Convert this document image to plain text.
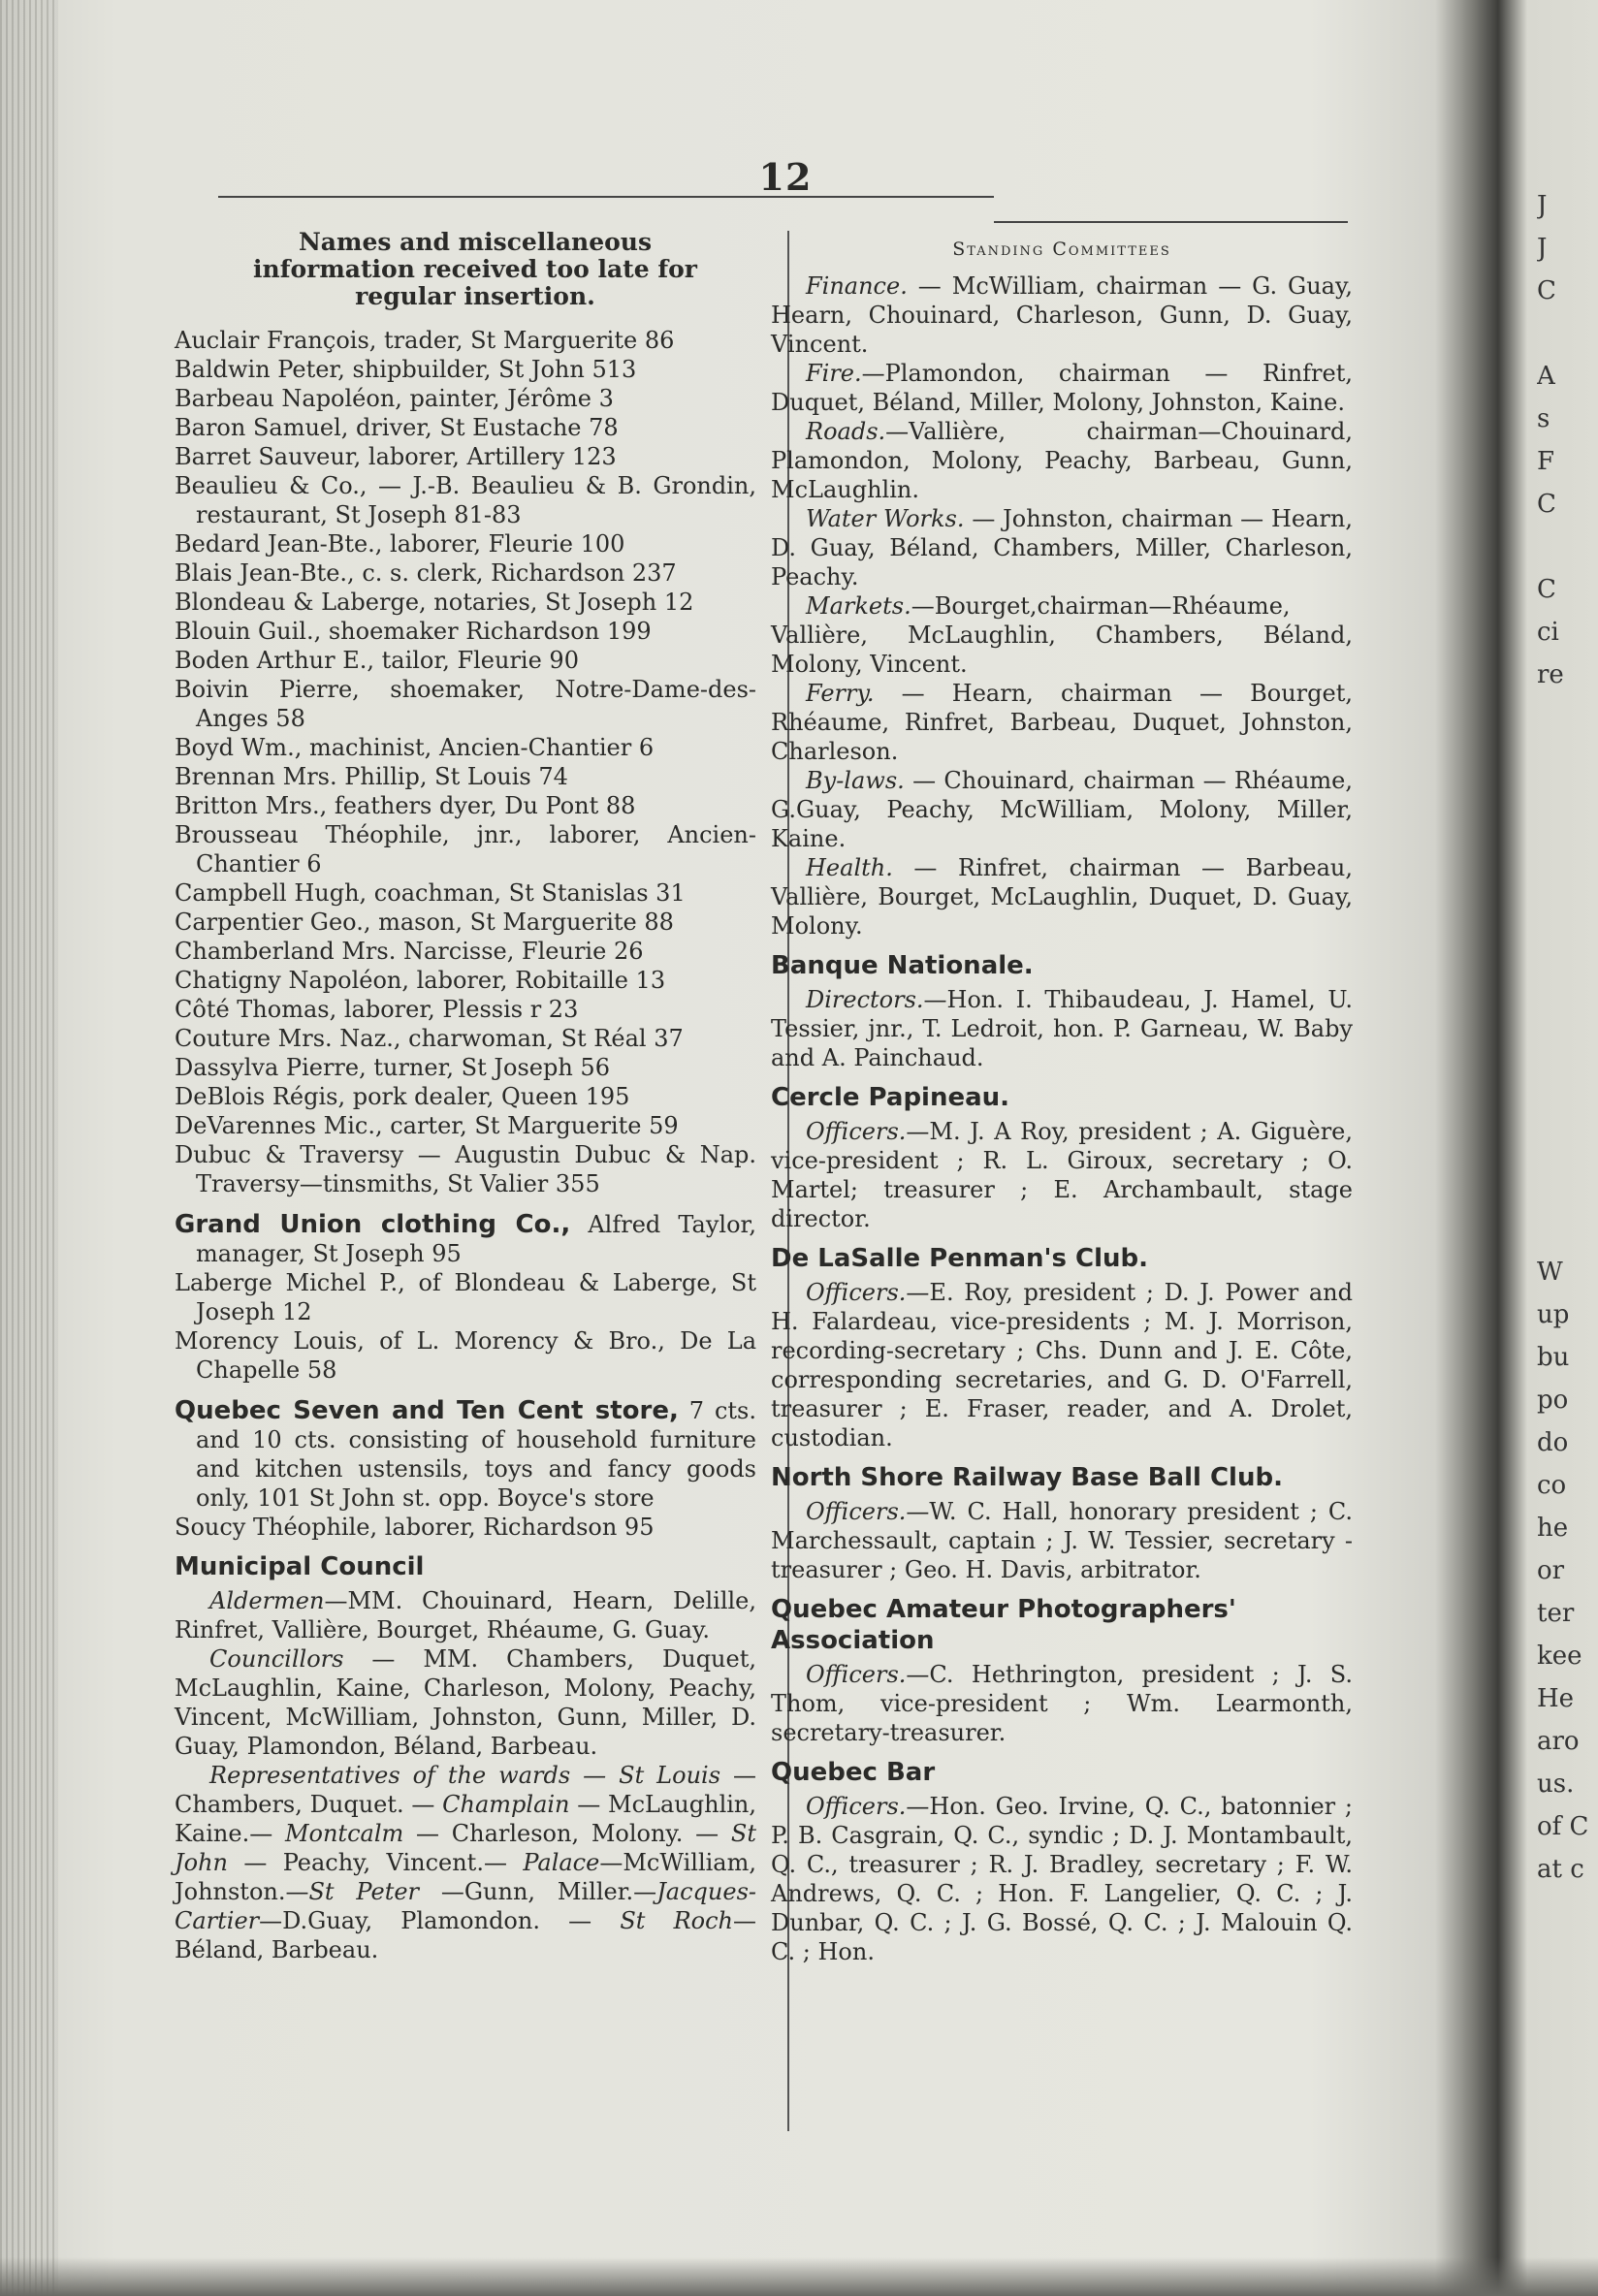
12
Names and miscellaneous information received too late for regular insertion.

Auclair François, trader, St Marguerite 86

Baldwin Peter, shipbuilder, St John 513

Barbeau Napoléon, painter, Jérôme 3

Baron Samuel, driver, St Eustache 78

Barret Sauveur, laborer, Artillery 123

Beaulieu & Co., — J.-B. Beaulieu & B. Grondin, restaurant, St Joseph 81-83

Bedard Jean-Bte., laborer, Fleurie 100

Blais Jean-Bte., c. s. clerk, Richardson 237

Blondeau & Laberge, notaries, St Joseph 12

Blouin Guil., shoemaker Richardson 199

Boden Arthur E., tailor, Fleurie 90

Boivin Pierre, shoemaker, Notre-Dame-des-Anges 58

Boyd Wm., machinist, Ancien-Chantier 6

Brennan Mrs. Phillip, St Louis 74

Britton Mrs., feathers dyer, Du Pont 88

Brousseau Théophile, jnr., laborer, Ancien-Chantier 6

Campbell Hugh, coachman, St Stanislas 31

Carpentier Geo., mason, St Marguerite 88

Chamberland Mrs. Narcisse, Fleurie 26

Chatigny Napoléon, laborer, Robitaille 13

Côté Thomas, laborer, Plessis r 23

Couture Mrs. Naz., charwoman, St Réal 37

Dassylva Pierre, turner, St Joseph 56

DeBlois Régis, pork dealer, Queen 195

DeVarennes Mic., carter, St Marguerite 59

Dubuc & Traversy — Augustin Dubuc & Nap. Traversy—tinsmiths, St Valier 355

Grand Union clothing Co., Alfred Taylor, manager, St Joseph 95

Laberge Michel P., of Blondeau & Laberge, St Joseph 12

Morency Louis, of L. Morency & Bro., De La Chapelle 58

Quebec Seven and Ten Cent store, 7 cts. and 10 cts. consisting of household furniture and kitchen ustensils, toys and fancy goods only, 101 St John st. opp. Boyce's store

Soucy Théophile, laborer, Richardson 95

Municipal Council

Aldermen—MM. Chouinard, Hearn, Delille, Rinfret, Vallière, Bourget, Rhéaume, G. Guay.

Councillors — MM. Chambers, Duquet, McLaughlin, Kaine, Charleson, Molony, Peachy, Vincent, McWilliam, Johnston, Gunn, Miller, D. Guay, Plamondon, Béland, Barbeau.

Representatives of the wards — St Louis —Chambers, Duquet. — Champlain — McLaughlin, Kaine.— Montcalm — Charleson, Molony. — St John — Peachy, Vincent.— Palace—McWilliam, Johnston.—St Peter —Gunn, Miller.—Jacques-Cartier—D.Guay, Plamondon. — St Roch—Béland, Barbeau.

Standing Committees

Finance. — McWilliam, chairman — G. Guay, Hearn, Chouinard, Charleson, Gunn, D. Guay, Vincent.

Fire.—Plamondon, chairman — Rinfret, Duquet, Béland, Miller, Molony, Johnston, Kaine.

Roads.—Vallière, chairman—Chouinard, Plamondon, Molony, Peachy, Barbeau, Gunn, McLaughlin.

Water Works. — Johnston, chairman — Hearn, D. Guay, Béland, Chambers, Miller, Charleson, Peachy.

Markets.—Bourget,chairman—Rhéaume, Vallière, McLaughlin, Chambers, Béland, Molony, Vincent.

Ferry. — Hearn, chairman — Bourget, Rhéaume, Rinfret, Barbeau, Duquet, Johnston, Charleson.

By-laws. — Chouinard, chairman — Rhéaume, G.Guay, Peachy, McWilliam, Molony, Miller, Kaine.

Health. — Rinfret, chairman — Barbeau, Vallière, Bourget, McLaughlin, Duquet, D. Guay, Molony.

Banque Nationale.

Directors.—Hon. I. Thibaudeau, J. Hamel, U. Tessier, jnr., T. Ledroit, hon. P. Garneau, W. Baby and A. Painchaud.

Cercle Papineau.

Officers.—M. J. A Roy, president ; A. Giguère, vice-president ; R. L. Giroux, secretary ; O. Martel; treasurer ; E. Archambault, stage director.

De LaSalle Penman's Club.

Officers.—E. Roy, president ; D. J. Power and H. Falardeau, vice-presidents ; M. J. Morrison, recording-secretary ; Chs. Dunn and J. E. Côte, corresponding secretaries, and G. D. O'Farrell, treasurer ; E. Fraser, reader, and A. Drolet, custodian.

North Shore Railway Base Ball Club.

Officers.—W. C. Hall, honorary president ; C. Marchessault, captain ; J. W. Tessier, secretary - treasurer ; Geo. H. Davis, arbitrator.

Quebec Amateur Photographers' Association

Officers.—C. Hethrington, president ; J. S. Thom, vice-president ; Wm. Learmonth, secretary-treasurer.

Quebec Bar

Officers.—Hon. Geo. Irvine, Q. C., batonnier ; P. B. Casgrain, Q. C., syndic ; D. J. Montambault, Q. C., treasurer ; R. J. Bradley, secretary ; F. W. Andrews, Q. C. ; Hon. F. Langelier, Q. C. ; J. Dunbar, Q. C. ; J. G. Bossé, Q. C. ; J. Malouin Q. C. ; Hon.

J
J
C
A
s
F
C
C
ci
re
W
up
bu
po
do
co
he
or
ter
kee
He
aro
us.
of C
at c
